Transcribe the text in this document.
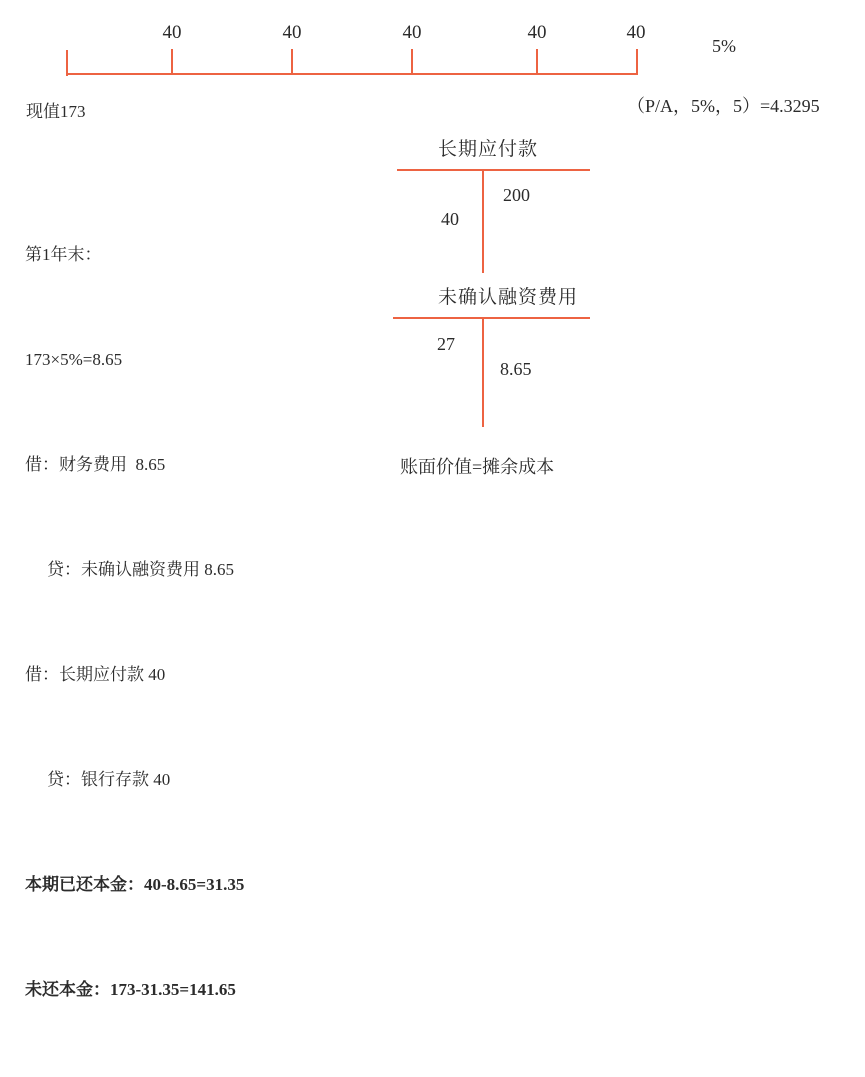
40	40	40	40	40
5%
现值173	（P/A，5%，5）=4.3295

第1年末：

173×5%=8.65

借：财务费用  8.65

贷：未确认融资费用 8.65

借：长期应付款 40

贷：银行存款 40

本期已还本金：40-8.65=31.35

未还本金：173-31.35=141.65

长期应付款
200
40
未确认融资费用
27
8.65
账面价值=摊余成本
